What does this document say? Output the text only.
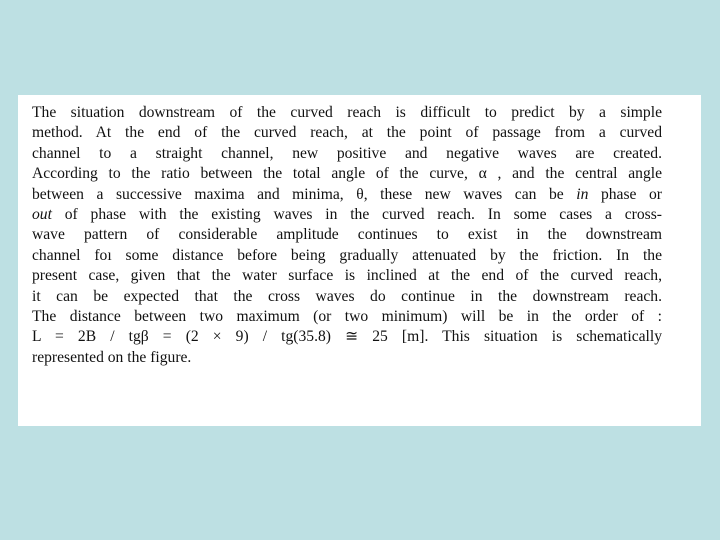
The situation downstream of the curved reach is difficult to predict by a simple
method. At the end of the curved reach, at the point of passage from a curved
channel to a straight channel, new positive and negative waves are created.
According to the ratio between the total angle of the curve, α , and the central angle
between a successive maxima and minima, θ, these new waves can be in phase or
out of phase with the existing waves in the curved reach. In some cases a cross-
wave pattern of considerable amplitude continues to exist in the downstream
channel foı some distance before being gradually attenuated by the friction. In the
present case, given that the water surface is inclined at the end of the curved reach,
it can be expected that the cross waves do continue in the downstream reach.
The distance between two maximum (or two minimum) will be in the order of :
L = 2B / tgβ = (2 × 9) / tg(35.8) ≅ 25 [m]. This situation is schematically
represented on the figure.
